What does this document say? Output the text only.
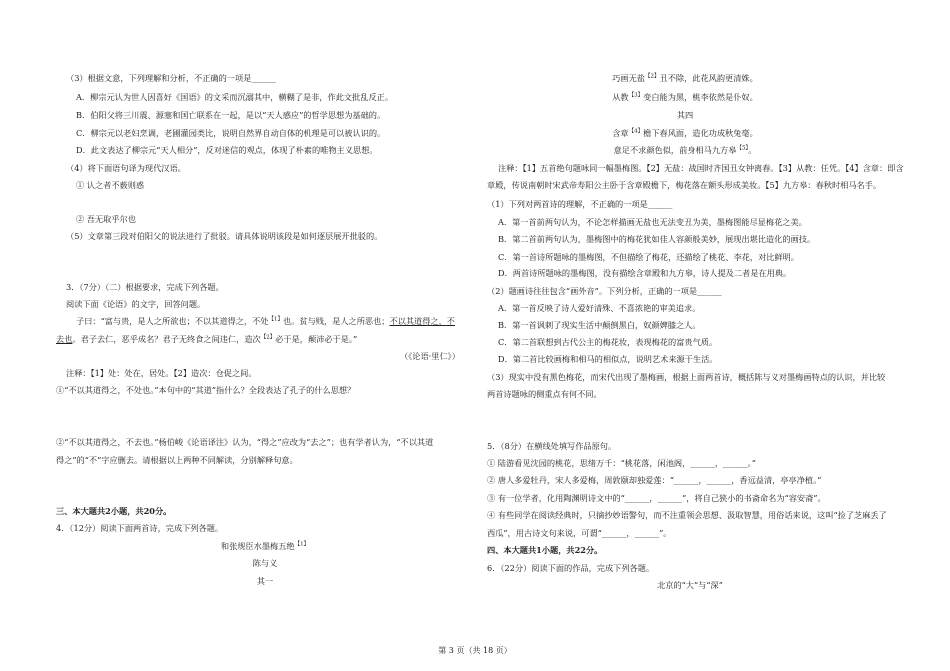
（3）根据文意，下列理解和分析，不正确的一项是______
A．柳宗元认为世人因喜好《国语》的文采而沉溺其中，横糊了是非，作此文批乱反正。
B．伯阳父将三川震、源塞和国亡联系在一起，是以“天人感应”的哲学思想为基础的。
C．柳宗元以老妇烹调，老圃灌园类比，说明自然界自动自体的机理是可以被认识的。
D．此文表达了柳宗元“天人相分”，反对迷信的观点，体现了朴素的唯物主义思想。
（4）将下面语句译为现代汉语。
① 认之者不薮则惑
② 吾无取乎尔也
（5）文章第三段对伯阳父的说法进行了批驳。请具体说明该段是如何逐层展开批驳的。
3．（7分）（二）根据要求，完成下列各题。
阅读下面《论语》的文字，回答问题。
子曰：“富与贵，是人之所欲也；不以其道得之，不处$^{【1】}$也。贫与贱，是人之所恶也；不以其道得之，不
去也。君子去仁，恶乎成名？君子无终食之间违仁，造次$^{【2】}$必于是，颠沛必于是。”
（《论语·里仁》）
注释：【1】处：处在，居处。【2】造次：仓促之间。
①“不以其道得之，不处也。”本句中的“其道”指什么？全段表达了孔子的什么思想？
②“不以其道得之，不去也。”杨伯峻《论语译注》认为，“得之”应改为“去之”；也有学者认为，“不以其道
得之”的“不”字应删去。请根据以上两种不同解读，分别解释句意。
三、本大题共2小题，共20分。
4．（12分）阅读下面两首诗，完成下列各题。
和张规臣水墨梅五绝$^{【1】}$
陈与义
其一
巧画无盐$^{【2】}$丑不除，此花风韵更清姝。
从教$^{【3】}$变白能为黑，桃李依然是仆奴。
其四
含章$^{【4】}$檐下春风面，造化功成秋兔毫。
意足不求颜色似，前身相马九方皋$^{【5】}$。
注释：【1】五首绝句题咏同一幅墨梅图。【2】无盐：战国时齐国丑女钟离春。【3】从教：任凭。【4】含章：即含
章殿，传说南朝时宋武帝寿阳公主卧于含章殿檐下，梅花落在额头形成美妆。【5】九方皋：春秋时相马名手。
（1）下列对两首诗的理解，不正确的一项是______
A．第一首前两句认为，不论怎样描画无盐也无法变丑为美，墨梅图能尽显梅花之美。
B．第二首前两句认为，墨梅图中的梅花犹如佳人容颜般美妙，展现出堪比造化的画技。
C．第一首诗所题咏的墨梅图，不但描绘了梅花，还描绘了桃花、李花，对比鲜明。
D．两首诗所题咏的墨梅图，没有描绘含章殿和九方皋，诗人提及二者是在用典。
（2）题画诗往往包含“画外音”。下列分析，正确的一项是______
A．第一首反映了诗人爱好清殊、不喜浓艳的审美追求。
B．第一首讽刺了现实生活中颠倒黑白，奴颜婢膝之人。
C．第二首联想到古代公主的梅花妆，表现梅花的富贵气质。
D．第二首比较画梅和相马的相似点，说明艺术来源于生活。
（3）现实中没有黑色梅花，而宋代出现了墨梅画，根据上面两首诗，概括陈与义对墨梅画特点的认识，并比较
两首诗题咏的侧重点有何不同。
5．（8分）在横线处填写作品原句。
① 陆游看见沈园的桃花，思绪万千：“桃花落，闲池阁，______，______。”
② 唐人多爱牡丹，宋人多爱梅，周敦颐却独爱莲：“______，______，香远益清，亭亭净植。”
③ 有一位学者，化用陶渊明诗文中的“______，______”，将自己狭小的书斋命名为“容安斋”。
④ 有些同学在阅读经典时，只摘抄妙语警句，而不注重领会思想、汲取智慧，用俗话来说，这叫“捡了芝麻丢了
西瓜”，用古诗文句来说，可谓“______，______”。
四、本大题共1小题，共22分。
6．（22分）阅读下面的作品，完成下列各题。
北京的“大”与“深”
第 3 页（共 18 页）
